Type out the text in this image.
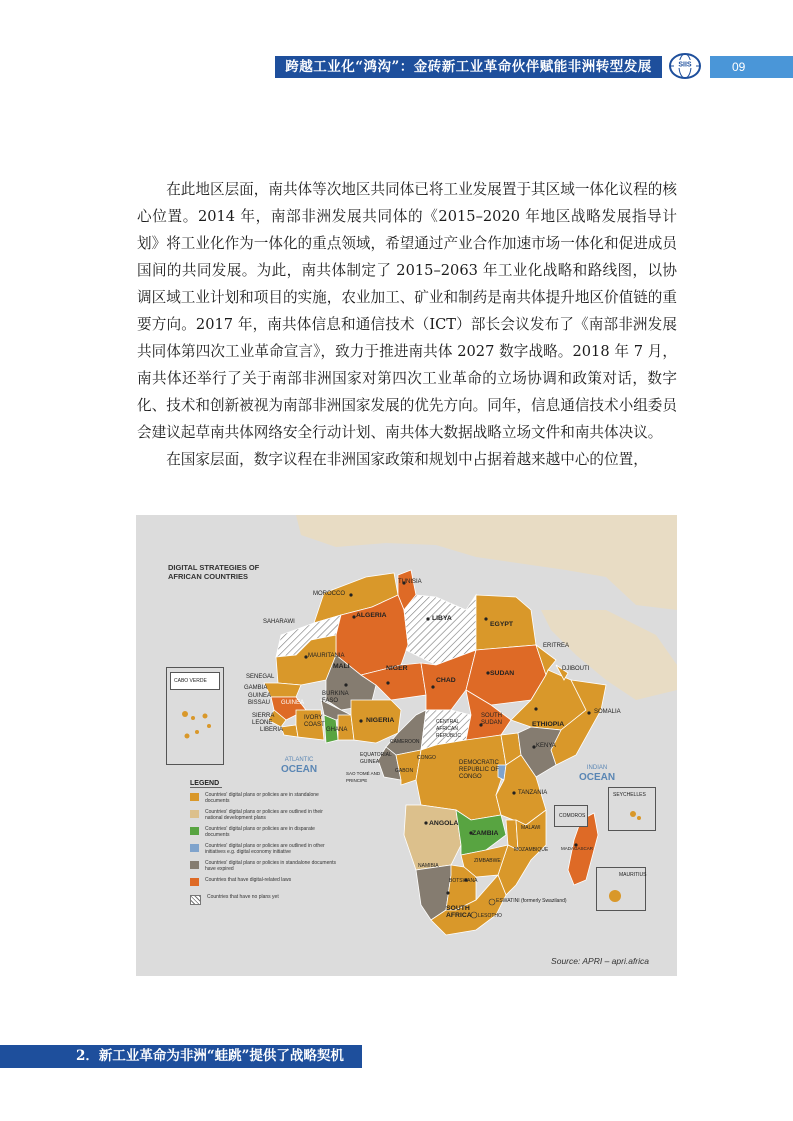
跨越工业化“鸿沟”：金砖新工业革命伙伴赋能非洲转型发展	SIIS	09

在此地区层面，南共体等次地区共同体已将工业发展置于其区域一体化议程的核心位置。2014 年，南部非洲发展共同体的《2015–2020 年地区战略发展指导计划》将工业化作为一体化的重点领域，希望通过产业合作加速市场一体化和促进成员国间的共同发展。为此，南共体制定了 2015–2063 年工业化战略和路线图，以协调区域工业计划和项目的实施，农业加工、矿业和制药是南共体提升地区价值链的重要方向。2017 年，南共体信息和通信技术（ICT）部长会议发布了《南部非洲发展共同体第四次工业革命宣言》，致力于推进南共体 2027 数字战略。2018 年 7 月，南共体还举行了关于南部非洲国家对第四次工业革命的立场协调和政策对话，数字化、技术和创新被视为南部非洲国家发展的优先方向。同年，信息通信技术小组委员会建议起草南共体网络安全行动计划、南共体大数据战略立场文件和南共体决议。

在国家层面，数字议程在非洲国家政策和规划中占据着越来越中心的位置，

DIGITAL STRATEGIES OF AFRICAN COUNTRIES
MOROCCO
TUNISIA
ALGERIA	LIBYA
EGYPT
SAHARAWI
MAURITANIA
MALI	NIGER
CHAD
SUDAN
ERITREA
DJIBOUTI
SENEGAL
GAMBIA
GUINEA BISSAU	GUINEA
SIERRA LEONE
LIBERIA
IVORY COAST
BURKINA FASO
GHANA
NIGERIA	CENTRAL AFRICAN REPUBLIC
SOUTH SUDAN	ETHIOPIA
SOMALIA
CAMEROON
EQUATORIAL GUINEA
SAO TOMÉ AND PRINCIPE
GABON
CONGO
DEMOCRATIC REPUBLIC OF CONGO
KENYA
TANZANIA
ANGOLA
ZAMBIA
MALAWI
MOZAMBIQUE
ZIMBABWE
NAMIBIA
BOTSWANA
MADAGASCAR
ESWATINI (formerly Swaziland)
LESOTHO
SOUTH AFRICA
ATLANTIC
OCEAN	INDIAN
OCEAN
CABO VERDE
SEYCHELLES
COMOROS
MAURITIUS
LEGEND
Countries' digital plans or policies are in standalone documents
Countries' digital plans or policies are outlined in their national development plans
Countries' digital plans or policies are in disparate documents
Countries' digital plans or policies are outlined in other initiatives e.g. digital economy initiative
Countries' digital plans or policies in standalone documents have expired
Countries that have digital-related laws
Countries that have no plans yet
Source: APRI – apri.africa
2．新工业革命为非洲“蛙跳”提供了战略契机
